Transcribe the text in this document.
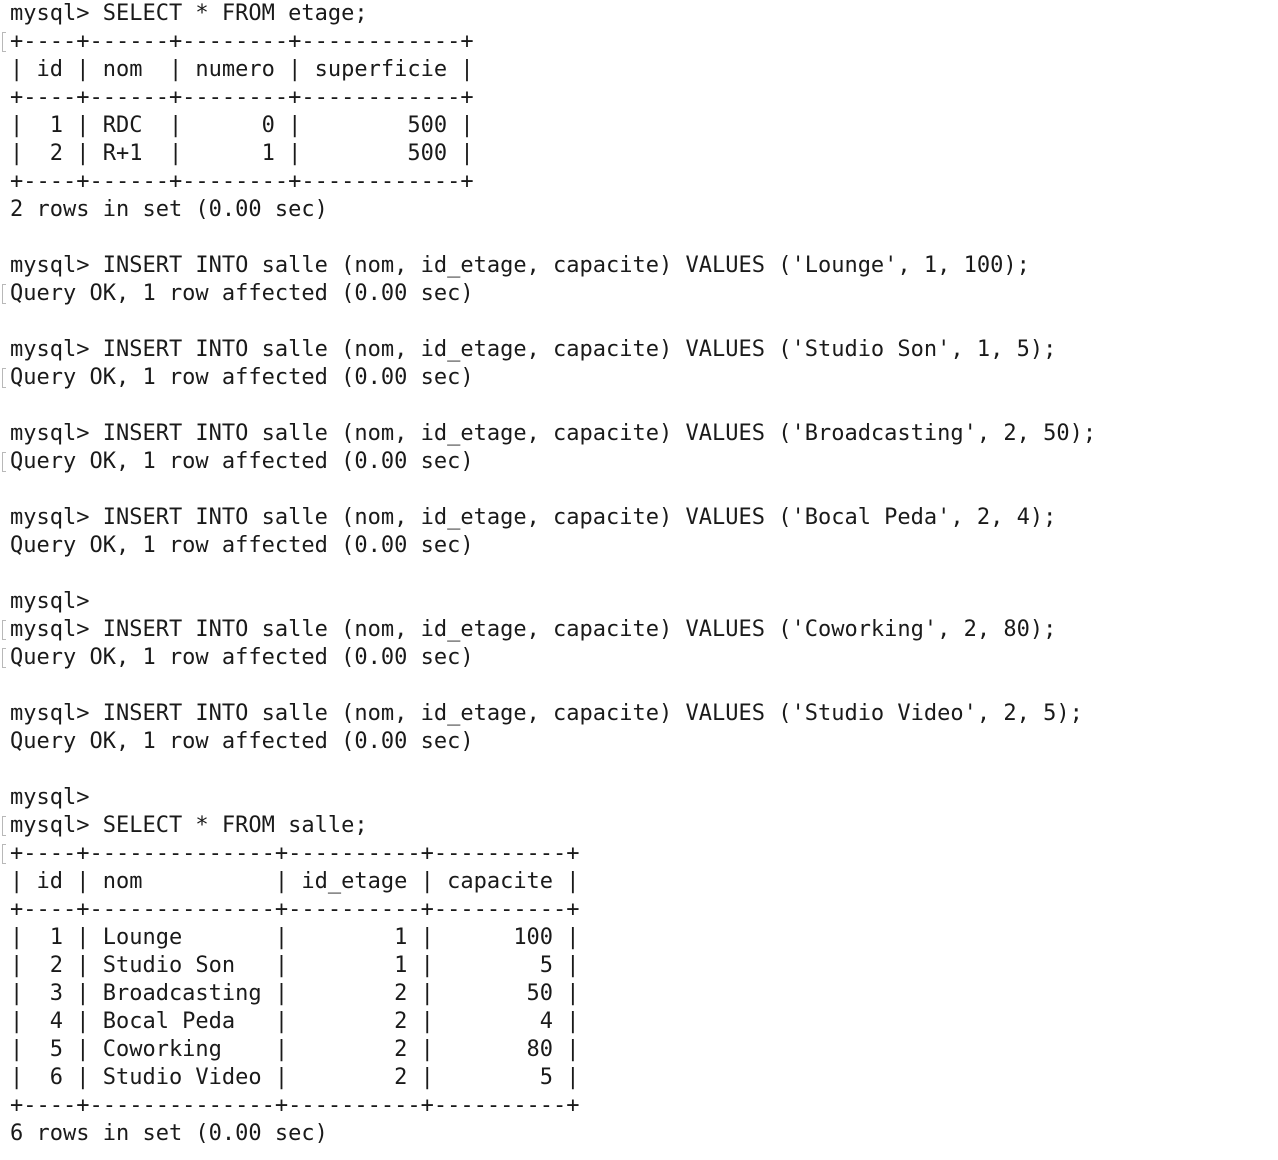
mysql> SELECT * FROM etage;
+----+------+--------+------------+
| id | nom  | numero | superficie |
+----+------+--------+------------+
|  1 | RDC  |      0 |        500 |
|  2 | R+1  |      1 |        500 |
+----+------+--------+------------+
2 rows in set (0.00 sec)
mysql> INSERT INTO salle (nom, id_etage, capacite) VALUES ('Lounge', 1, 100);
Query OK, 1 row affected (0.00 sec)
mysql> INSERT INTO salle (nom, id_etage, capacite) VALUES ('Studio Son', 1, 5);
Query OK, 1 row affected (0.00 sec)
mysql> INSERT INTO salle (nom, id_etage, capacite) VALUES ('Broadcasting', 2, 50);
Query OK, 1 row affected (0.00 sec)
mysql> INSERT INTO salle (nom, id_etage, capacite) VALUES ('Bocal Peda', 2, 4);
Query OK, 1 row affected (0.00 sec)
mysql>
mysql> INSERT INTO salle (nom, id_etage, capacite) VALUES ('Coworking', 2, 80);
Query OK, 1 row affected (0.00 sec)
mysql> INSERT INTO salle (nom, id_etage, capacite) VALUES ('Studio Video', 2, 5);
Query OK, 1 row affected (0.00 sec)
mysql>
mysql> SELECT * FROM salle;
+----+--------------+----------+----------+
| id | nom          | id_etage | capacite |
+----+--------------+----------+----------+
|  1 | Lounge       |        1 |      100 |
|  2 | Studio Son   |        1 |        5 |
|  3 | Broadcasting |        2 |       50 |
|  4 | Bocal Peda   |        2 |        4 |
|  5 | Coworking    |        2 |       80 |
|  6 | Studio Video |        2 |        5 |
+----+--------------+----------+----------+
6 rows in set (0.00 sec)
